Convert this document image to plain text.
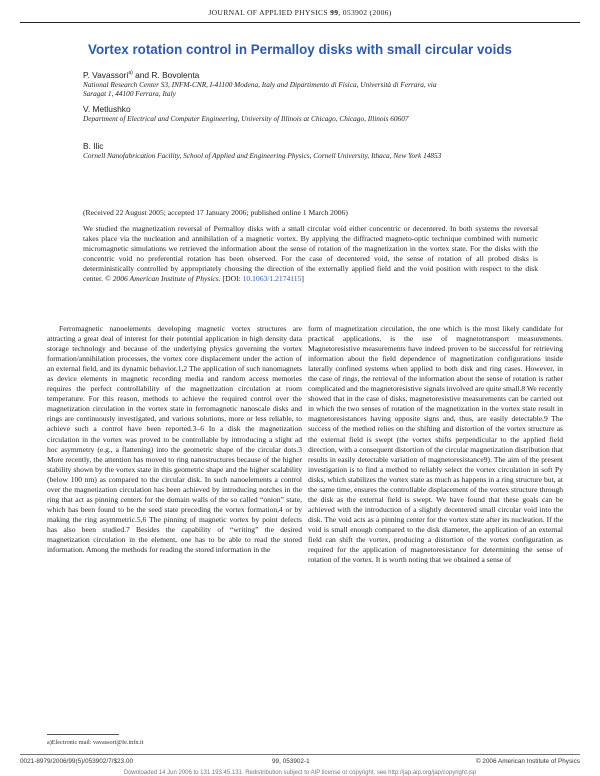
JOURNAL OF APPLIED PHYSICS 99, 053902 (2006)
Vortex rotation control in Permalloy disks with small circular voids
P. Vavassori$^{a)}$ and R. Bovolenta
National Research Center S3, INFM-CNR, I-41100 Modena, Italy and Dipartimento di Fisica, Università di Ferrara, via Saragat 1, 44100 Ferrara, Italy
V. Metlushko
Department of Electrical and Computer Engineering, University of Illinois at Chicago, Chicago, Illinois 60607
B. Ilic
Cornell Nanofabrication Facility, School of Applied and Engineering Physics, Cornell University, Ithaca, New York 14853
(Received 22 August 2005; accepted 17 January 2006; published online 1 March 2006)
We studied the magnetization reversal of Permalloy disks with a small circular void either concentric or decentered. In both systems the reversal takes place via the nucleation and annihilation of a magnetic vortex. By applying the diffracted magneto-optic technique combined with numeric micromagnetic simulations we retrieved the information about the sense of rotation of the magnetization in the vortex state. For the disks with the concentric void no preferential rotation has been observed. For the case of decentered void, the sense of rotation of all probed disks is deterministically controlled by appropriately choosing the direction of the externally applied field and the void position with respect to the disk center. © 2006 American Institute of Physics. [DOI: 10.1063/1.2174115]
Ferromagnetic nanoelements developing magnetic vortex structures are attracting a great deal of interest for their potential application in high density data storage technology and because of the underlying physics governing the vortex formation/annihilation processes, the vortex core displacement under the action of an external field, and its dynamic behavior.1,2 The application of such nanomagnets as device elements in magnetic recording media and random access memories requires the perfect controllability of the magnetization circulation at room temperature. For this reason, methods to achieve the required control over the magnetization circulation in the vortex state in ferromagnetic nanoscale disks and rings are continuously investigated, and various solutions, more or less reliable, to achieve such a control have been reported.3–6 In a disk the magnetization circulation in the vortex was proved to be controllable by introducing a slight ad hoc asymmetry (e.g., a flattening) into the geometric shape of the circular dots.3 More recently, the attention has moved to ring nanostructures because of the higher stability shown by the vortex state in this geometric shape and the higher scalability (below 100 nm) as compared to the circular disk. In such nanoelements a control over the magnetization circulation has been achieved by introducing notches in the ring that act as pinning centers for the domain walls of the so called “onion” state, which has been found to be the seed state preceding the vortex formation,4 or by making the ring asymmetric.5,6 The pinning of magnetic vortex by point defects has also been studied.7 Besides the capability of “writing” the desired magnetization circulation in the element, one has to be able to read the stored information. Among the methods for reading the stored information in the
form of magnetization circulation, the one which is the most likely candidate for practical applications, is the use of magnetotransport measurements. Magnetoresistive measurements have indeed proven to be successful for retrieving information about the field dependence of magnetization configurations inside laterally confined systems when applied to both disk and ring cases. However, in the case of rings, the retrieval of the information about the sense of rotation is rather complicated and the magnetoresistive signals involved are quite small.8 We recently showed that in the case of disks, magnetoresistive measurements can be carried out in which the two senses of rotation of the magnetization in the vortex state result in magnetoresistances having opposite signs and, thus, are easily detectable.9 The success of the method relies on the shifting and distortion of the vortex structure as the external field is swept (the vortex shifts perpendicular to the applied field direction, with a consequent distortion of the circular magnetization distribution that results in easily detectable variation of magnetoresistance9). The aim of the present investigation is to find a method to reliably select the vortex circulation in soft Py disks, which stabilizes the vortex state as much as happens in a ring structure but, at the same time, ensures the controllable displacement of the vortex structure through the disk as the external field is swept. We have found that these goals can be achieved with the introduction of a slightly decentered small circular void into the disk. The void acts as a pinning center for the vortex state after its nucleation. If the void is small enough compared to the disk diameter, the application of an external field can shift the vortex, producing a distortion of the vortex configuration as required for the application of magnetoresistance for determining the sense of rotation of the vortex. It is worth noting that we obtained a sense of
a)Electronic mail: vavassori@fe.infn.it
0021-8979/2006/99(5)/053902/7/$23.00	99, 053902-1	© 2006 American Institute of Physics
Downloaded 14 Jun 2006 to 131.193.45.131. Redistribution subject to AIP license or copyright, see http://jap.aip.org/jap/copyright.jsp
